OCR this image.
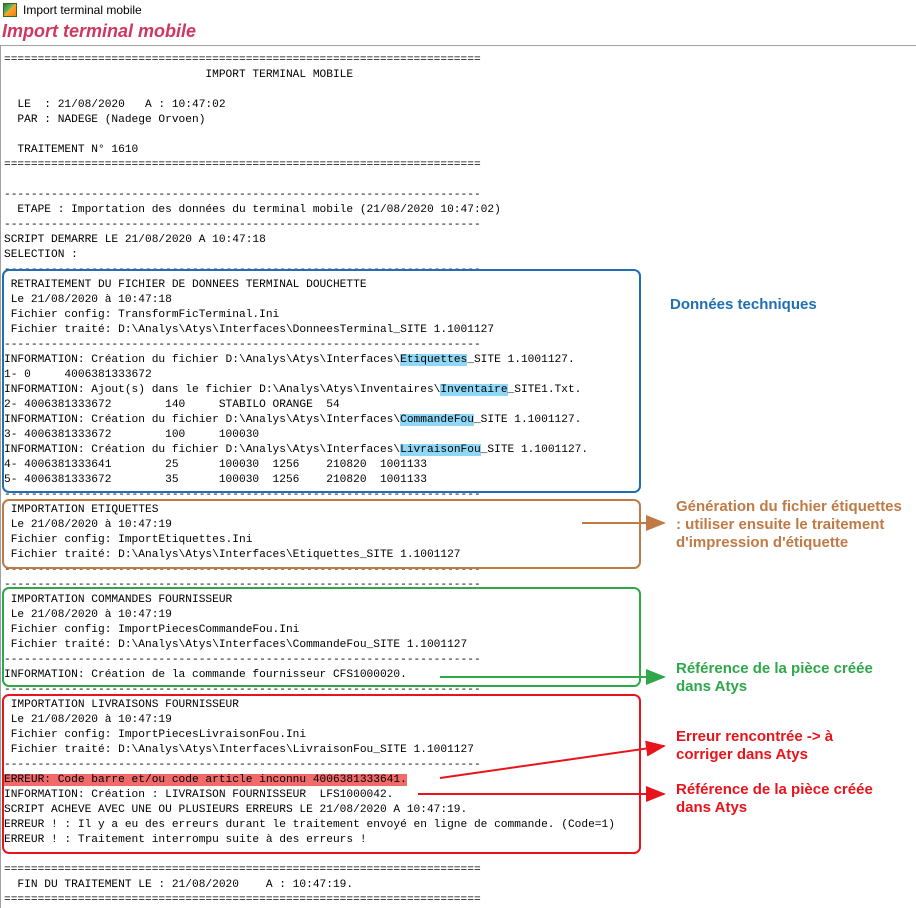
Import terminal mobile
Import terminal mobile
=======================================================================
IMPORT TERMINAL MOBILE
LE  : 21/08/2020   A : 10:47:02
PAR : NADEGE (Nadege Orvoen)
TRAITEMENT N° 1610
=======================================================================
-----------------------------------------------------------------------
ETAPE : Importation des données du terminal mobile (21/08/2020 10:47:02)
-----------------------------------------------------------------------
SCRIPT DEMARRE LE 21/08/2020 A 10:47:18
SELECTION :
-----------------------------------------------------------------------
RETRAITEMENT DU FICHIER DE DONNEES TERMINAL DOUCHETTE
Le 21/08/2020 à 10:47:18
Fichier config: TransformFicTerminal.Ini
Fichier traité: D:\Analys\Atys\Interfaces\DonneesTerminal_SITE 1.1001127
-----------------------------------------------------------------------
INFORMATION: Création du fichier D:\Analys\Atys\Interfaces\Etiquettes_SITE 1.1001127.
1- 0     4006381333672
INFORMATION: Ajout(s) dans le fichier D:\Analys\Atys\Inventaires\Inventaire_SITE1.Txt.
2- 4006381333672        140     STABILO ORANGE  54
INFORMATION: Création du fichier D:\Analys\Atys\Interfaces\CommandeFou_SITE 1.1001127.
3- 4006381333672        100     100030
INFORMATION: Création du fichier D:\Analys\Atys\Interfaces\LivraisonFou_SITE 1.1001127.
4- 4006381333641        25      100030  1256    210820  1001133
5- 4006381333672        35      100030  1256    210820  1001133
-----------------------------------------------------------------------
IMPORTATION ETIQUETTES
Le 21/08/2020 à 10:47:19
Fichier config: ImportEtiquettes.Ini
Fichier traité: D:\Analys\Atys\Interfaces\Etiquettes_SITE 1.1001127
-----------------------------------------------------------------------
-----------------------------------------------------------------------
IMPORTATION COMMANDES FOURNISSEUR
Le 21/08/2020 à 10:47:19
Fichier config: ImportPiecesCommandeFou.Ini
Fichier traité: D:\Analys\Atys\Interfaces\CommandeFou_SITE 1.1001127
-----------------------------------------------------------------------
INFORMATION: Création de la commande fournisseur CFS1000020.
-----------------------------------------------------------------------
IMPORTATION LIVRAISONS FOURNISSEUR
Le 21/08/2020 à 10:47:19
Fichier config: ImportPiecesLivraisonFou.Ini
Fichier traité: D:\Analys\Atys\Interfaces\LivraisonFou_SITE 1.1001127
-----------------------------------------------------------------------
ERREUR: Code barre et/ou code article inconnu 4006381333641.
INFORMATION: Création : LIVRAISON FOURNISSEUR  LFS1000042.
SCRIPT ACHEVE AVEC UNE OU PLUSIEURS ERREURS LE 21/08/2020 A 10:47:19.
ERREUR ! : Il y a eu des erreurs durant le traitement envoyé en ligne de commande. (Code=1)
ERREUR ! : Traitement interrompu suite à des erreurs !
=======================================================================
FIN DU TRAITEMENT LE : 21/08/2020    A : 10:47:19.
=======================================================================
Données techniques
Génération du fichier étiquettes : utiliser ensuite le traitement d'impression d'étiquette
Référence de la pièce créée dans Atys
Erreur rencontrée -> à corriger dans Atys
Référence de la pièce créée dans Atys
